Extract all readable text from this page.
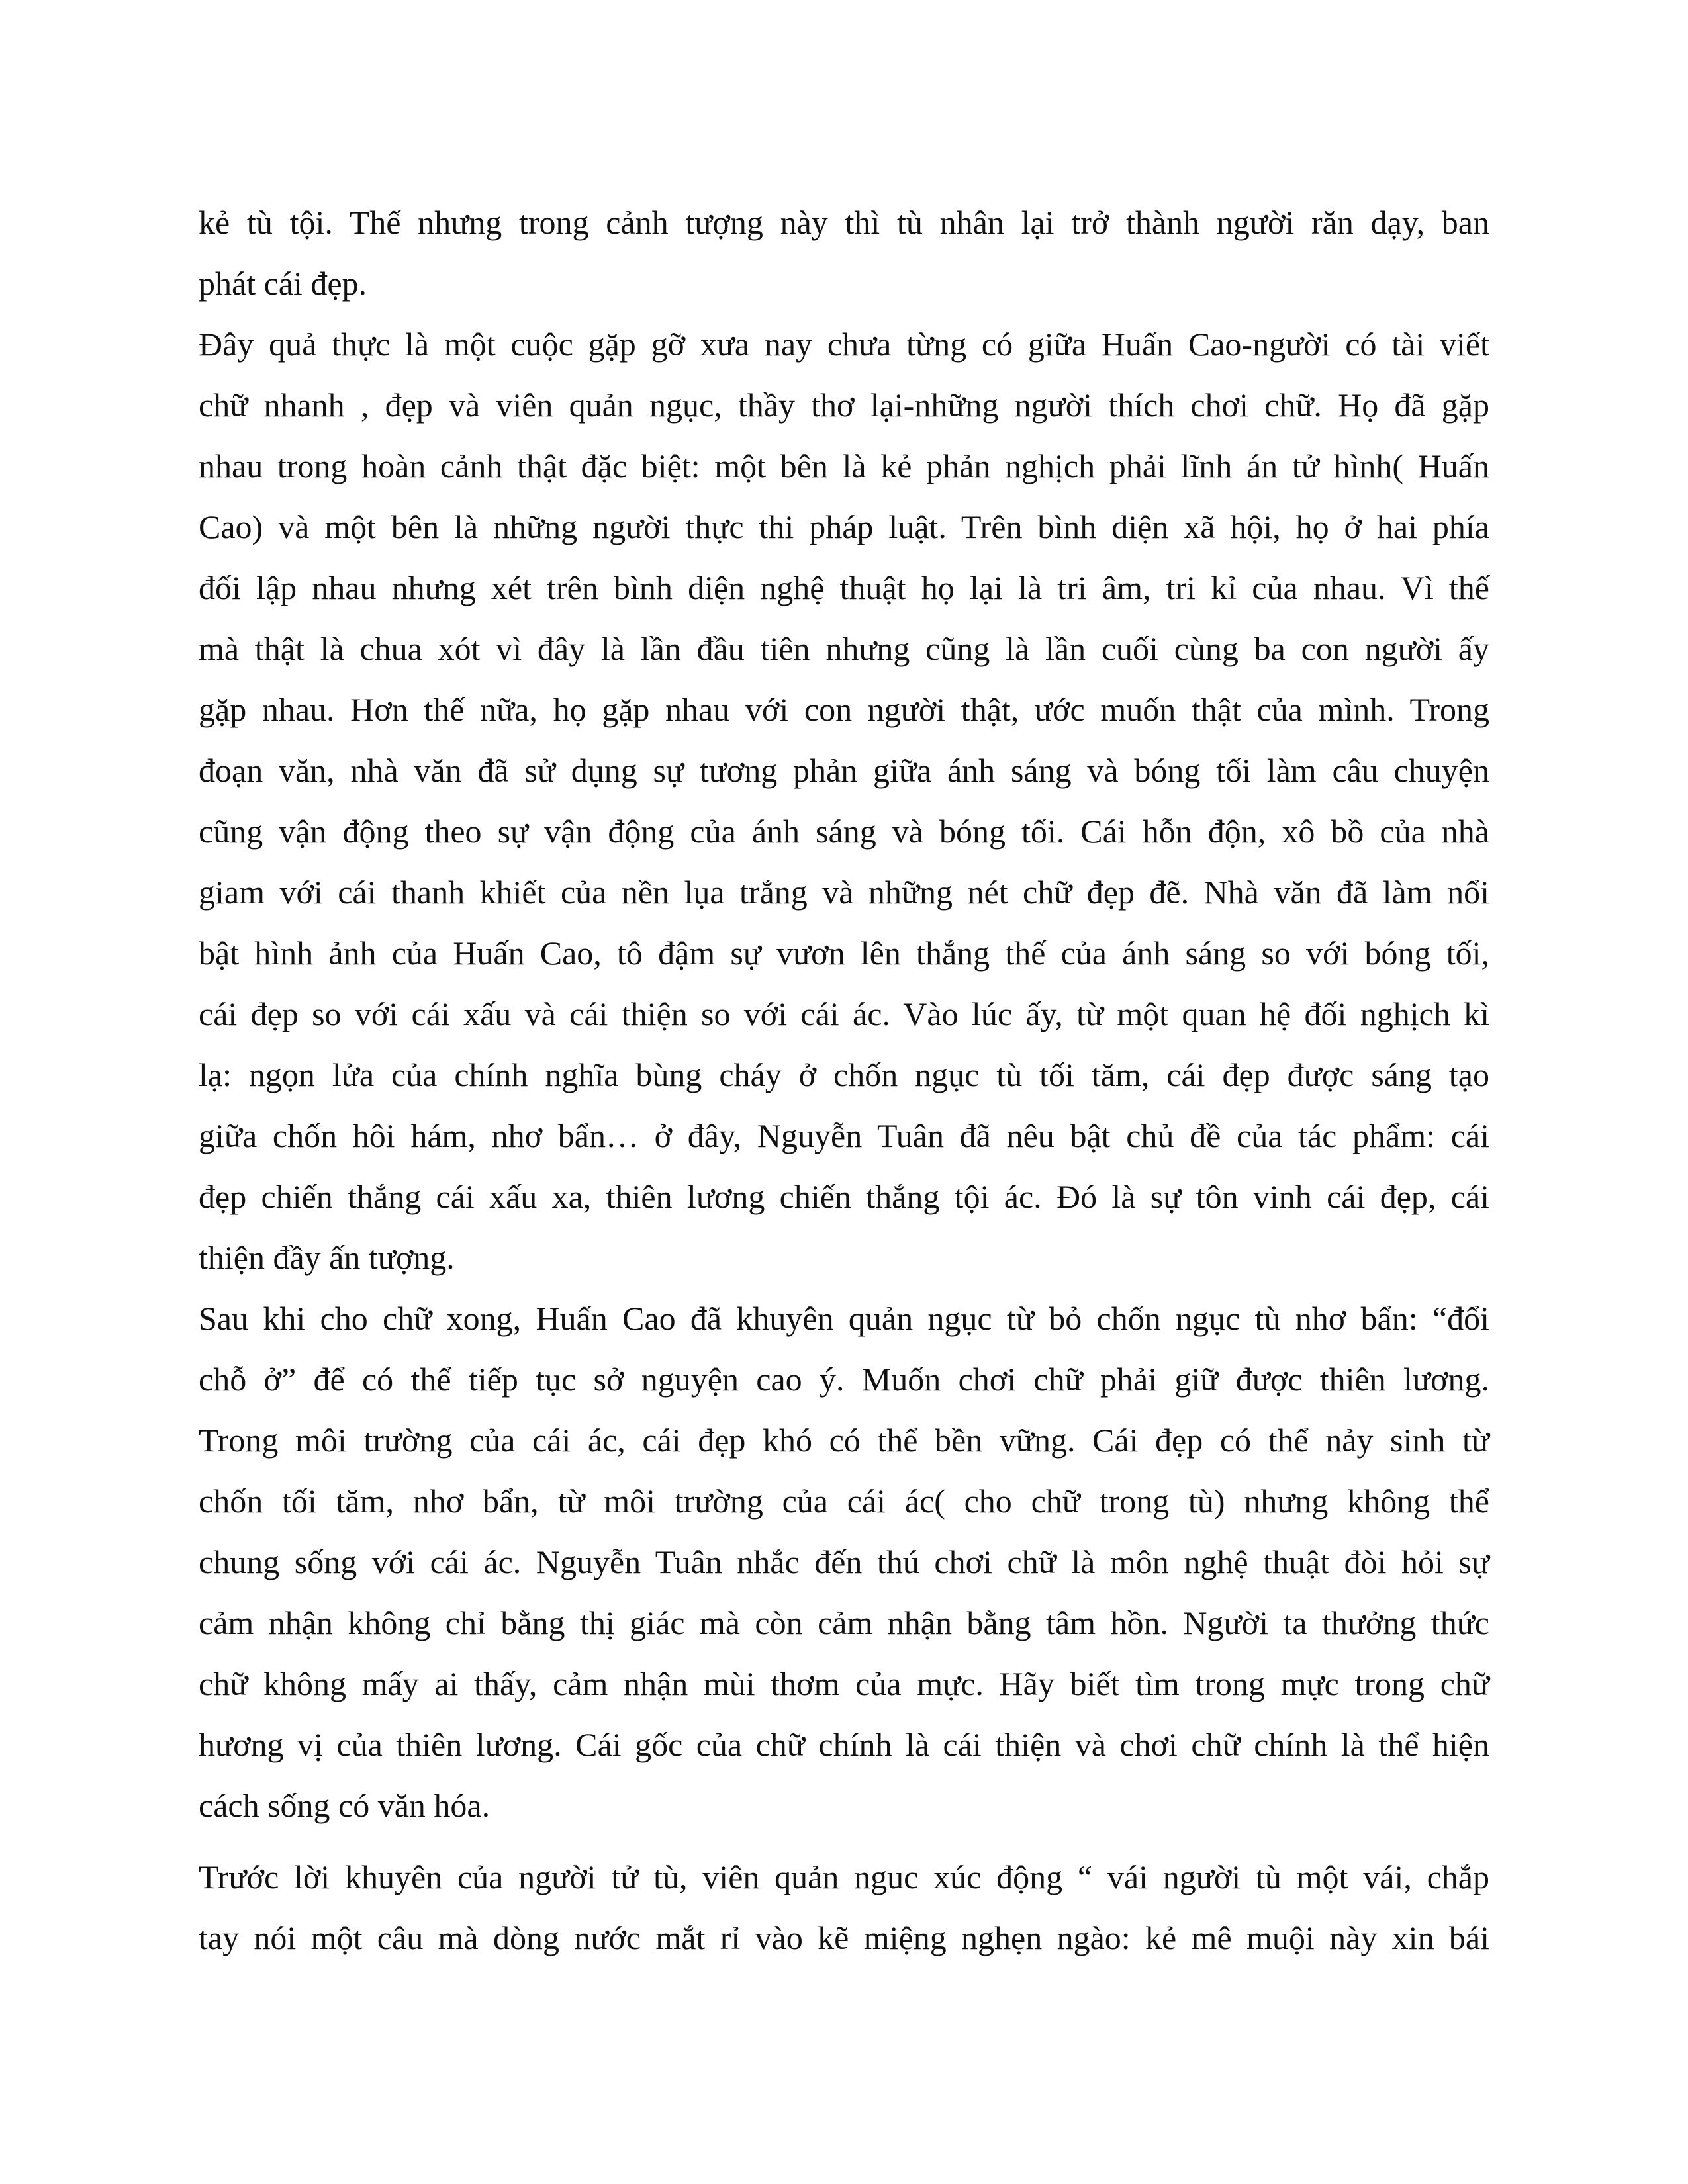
kẻ tù tội. Thế nhưng trong cảnh tượng này thì tù nhân lại trở thành người răn dạy, ban
phát cái đẹp.
Đây quả thực là một cuộc gặp gỡ xưa nay chưa từng có giữa Huấn Cao-người có tài viết
chữ nhanh , đẹp và viên quản ngục, thầy thơ lại-những người thích chơi chữ. Họ đã gặp
nhau trong hoàn cảnh thật đặc biệt: một bên là kẻ phản nghịch phải lĩnh án tử hình( Huấn
Cao) và một bên là những người thực thi pháp luật. Trên bình diện xã hội, họ ở hai phía
đối lập nhau nhưng xét trên bình diện nghệ thuật họ lại là tri âm, tri kỉ của nhau. Vì thế
mà thật là chua xót vì đây là lần đầu tiên nhưng cũng là lần cuối cùng ba con người ấy
gặp nhau. Hơn thế nữa, họ gặp nhau với con người thật, ước muốn thật của mình. Trong
đoạn văn, nhà văn đã sử dụng sự tương phản giữa ánh sáng và bóng tối làm câu chuyện
cũng vận động theo sự vận động của ánh sáng và bóng tối. Cái hỗn độn, xô bồ của nhà
giam với cái thanh khiết của nền lụa trắng và những nét chữ đẹp đẽ. Nhà văn đã làm nổi
bật hình ảnh của Huấn Cao, tô đậm sự vươn lên thắng thế của ánh sáng so với bóng tối,
cái đẹp so với cái xấu và cái thiện so với cái ác. Vào lúc ấy, từ một quan hệ đối nghịch kì
lạ: ngọn lửa của chính nghĩa bùng cháy ở chốn ngục tù tối tăm, cái đẹp được sáng tạo
giữa chốn hôi hám, nhơ bẩn… ở đây, Nguyễn Tuân đã nêu bật chủ đề của tác phẩm: cái
đẹp chiến thắng cái xấu xa, thiên lương chiến thắng tội ác. Đó là sự tôn vinh cái đẹp, cái
thiện đầy ấn tượng.
Sau khi cho chữ xong, Huấn Cao đã khuyên quản ngục từ bỏ chốn ngục tù nhơ bẩn: “đổi
chỗ ở” để có thể tiếp tục sở nguyện cao ý. Muốn chơi chữ phải giữ được thiên lương.
Trong môi trường của cái ác, cái đẹp khó có thể bền vững. Cái đẹp có thể nảy sinh từ
chốn tối tăm, nhơ bẩn, từ môi trường của cái ác( cho chữ trong tù) nhưng không thể
chung sống với cái ác. Nguyễn Tuân nhắc đến thú chơi chữ là môn nghệ thuật đòi hỏi sự
cảm nhận không chỉ bằng thị giác mà còn cảm nhận bằng tâm hồn. Người ta thưởng thức
chữ không mấy ai thấy, cảm nhận mùi thơm của mực. Hãy biết tìm trong mực trong chữ
hương vị của thiên lương. Cái gốc của chữ chính là cái thiện và chơi chữ chính là thể hiện
cách sống có văn hóa.
Trước lời khuyên của người tử tù, viên quản nguc xúc động “ vái người tù một vái, chắp
tay nói một câu mà dòng nước mắt rỉ vào kẽ miệng nghẹn ngào: kẻ mê muội này xin bái
